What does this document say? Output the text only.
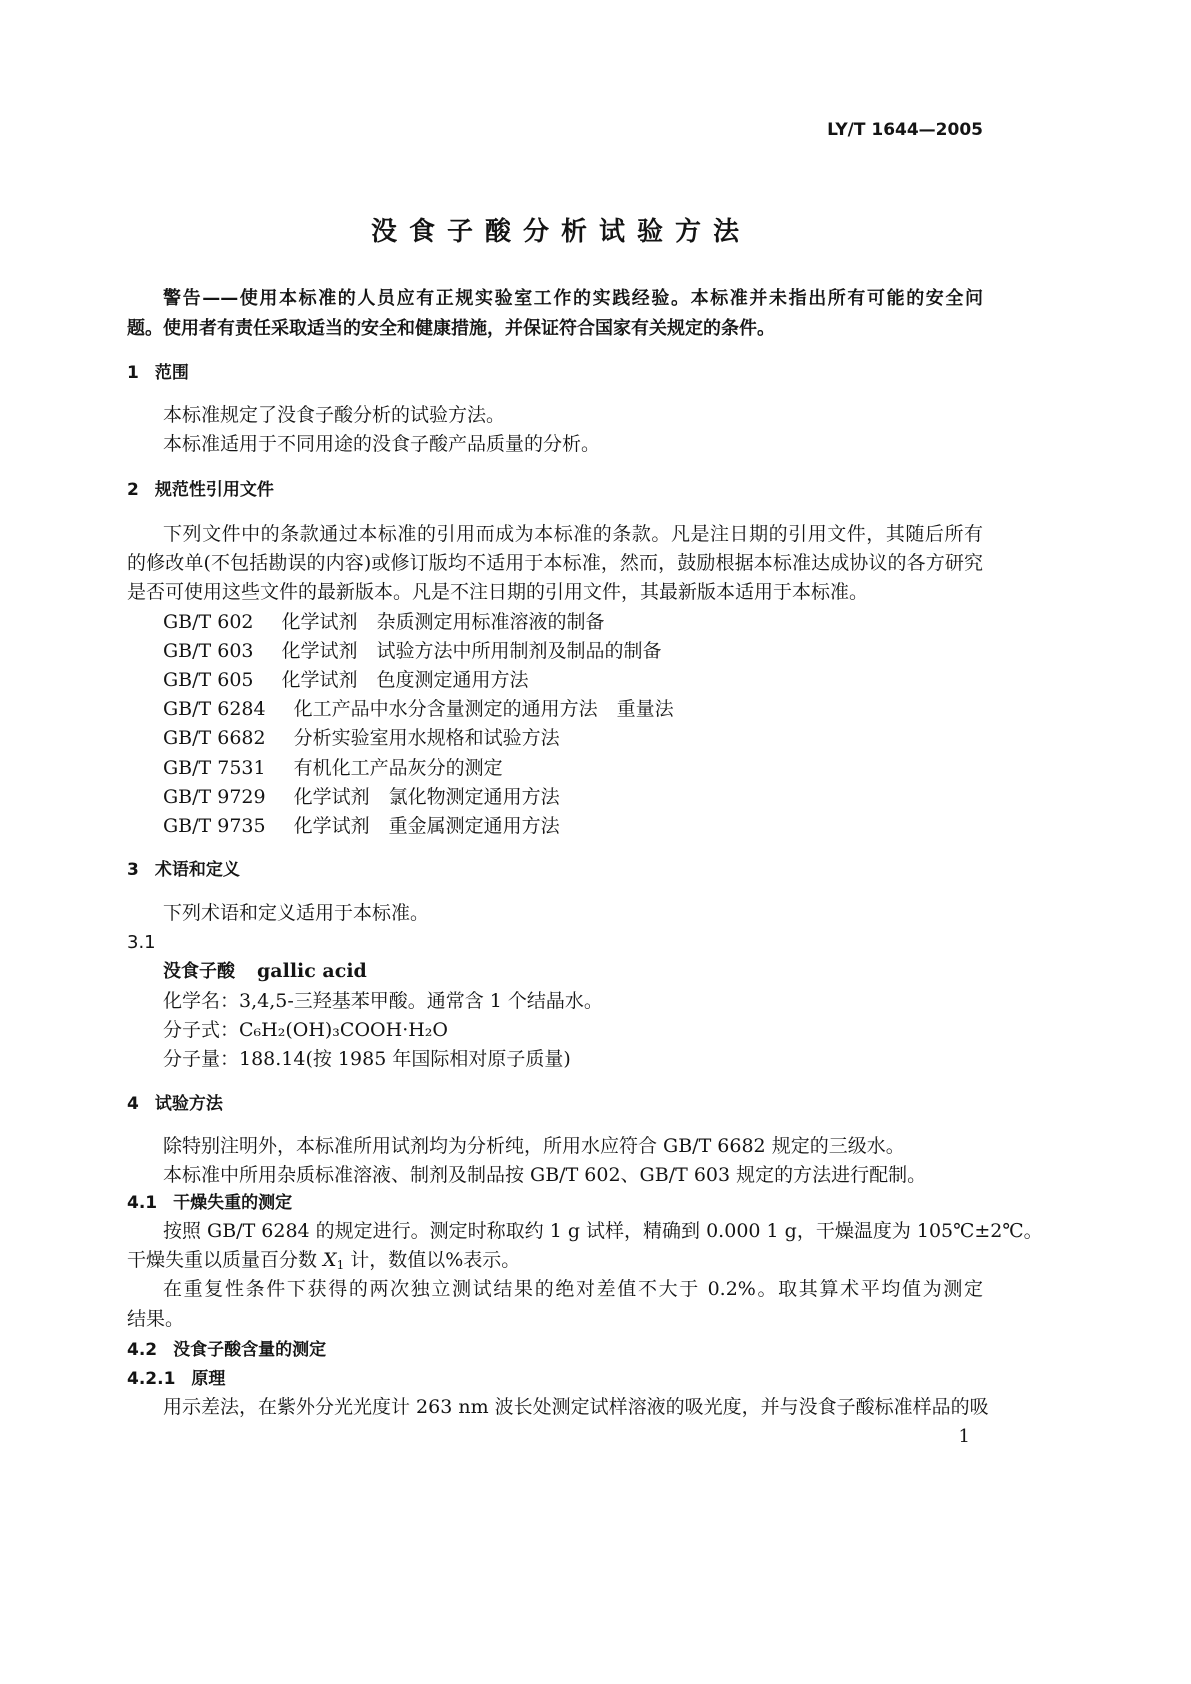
LY/T 1644—2005
没食子酸分析试验方法
警告——使用本标准的人员应有正规实验室工作的实践经验。本标准并未指出所有可能的安全问
题。使用者有责任采取适当的安全和健康措施，并保证符合国家有关规定的条件。
1 范围
本标准规定了没食子酸分析的试验方法。
本标准适用于不同用途的没食子酸产品质量的分析。
2 规范性引用文件
下列文件中的条款通过本标准的引用而成为本标准的条款。凡是注日期的引用文件，其随后所有
的修改单(不包括勘误的内容)或修订版均不适用于本标准，然而，鼓励根据本标准达成协议的各方研究
是否可使用这些文件的最新版本。凡是不注日期的引用文件，其最新版本适用于本标准。
GB/T 602 化学试剂　杂质测定用标准溶液的制备
GB/T 603 化学试剂　试验方法中所用制剂及制品的制备
GB/T 605 化学试剂　色度测定通用方法
GB/T 6284 化工产品中水分含量测定的通用方法　重量法
GB/T 6682 分析实验室用水规格和试验方法
GB/T 7531 有机化工产品灰分的测定
GB/T 9729 化学试剂　氯化物测定通用方法
GB/T 9735 化学试剂　重金属测定通用方法
3 术语和定义
下列术语和定义适用于本标准。
3.1
没食子酸 gallic acid
化学名：3,4,5-三羟基苯甲酸。通常含 1 个结晶水。
分子式：C₆H₂(OH)₃COOH·H₂O
分子量：188.14(按 1985 年国际相对原子质量)
4 试验方法
除特别注明外，本标准所用试剂均为分析纯，所用水应符合 GB/T 6682 规定的三级水。
本标准中所用杂质标准溶液、制剂及制品按 GB/T 602、GB/T 603 规定的方法进行配制。
4.1 干燥失重的测定
按照 GB/T 6284 的规定进行。测定时称取约 1 g 试样，精确到 0.000 1 g，干燥温度为 105℃±2℃。
干燥失重以质量百分数 $X_1$ 计，数值以%表示。
在重复性条件下获得的两次独立测试结果的绝对差值不大于 0.2%。取其算术平均值为测定
结果。
4.2 没食子酸含量的测定
4.2.1 原理
用示差法，在紫外分光光度计 263 nm 波长处测定试样溶液的吸光度，并与没食子酸标准样品的吸
1
